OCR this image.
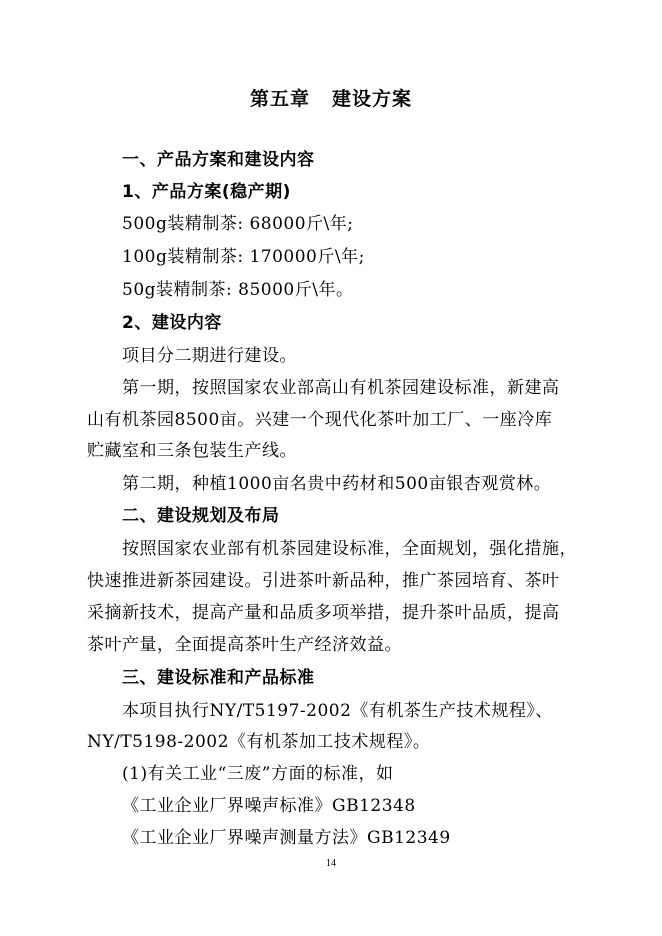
第五章 建设方案
一、产品方案和建设内容
1、产品方案(稳产期)
500g装精制茶: 68000斤\年;
100g装精制茶: 170000斤\年;
50g装精制茶: 85000斤\年。
2、建设内容
项目分二期进行建设。
第一期，按照国家农业部高山有机茶园建设标准，新建高
山有机茶园8500亩。兴建一个现代化茶叶加工厂、一座冷库
贮藏室和三条包装生产线。
第二期，种植1000亩名贵中药材和500亩银杏观赏林。
二、建设规划及布局
按照国家农业部有机茶园建设标准，全面规划，强化措施，
快速推进新茶园建设。引进茶叶新品种，推广茶园培育、茶叶
采摘新技术，提高产量和品质多项举措，提升茶叶品质，提高
茶叶产量，全面提高茶叶生产经济效益。
三、建设标准和产品标准
本项目执行NY/T5197-2002《有机茶生产技术规程》、
NY/T5198-2002《有机茶加工技术规程》。
(1)有关工业“三废”方面的标准，如
《工业企业厂界噪声标准》GB12348
《工业企业厂界噪声测量方法》GB12349
14
